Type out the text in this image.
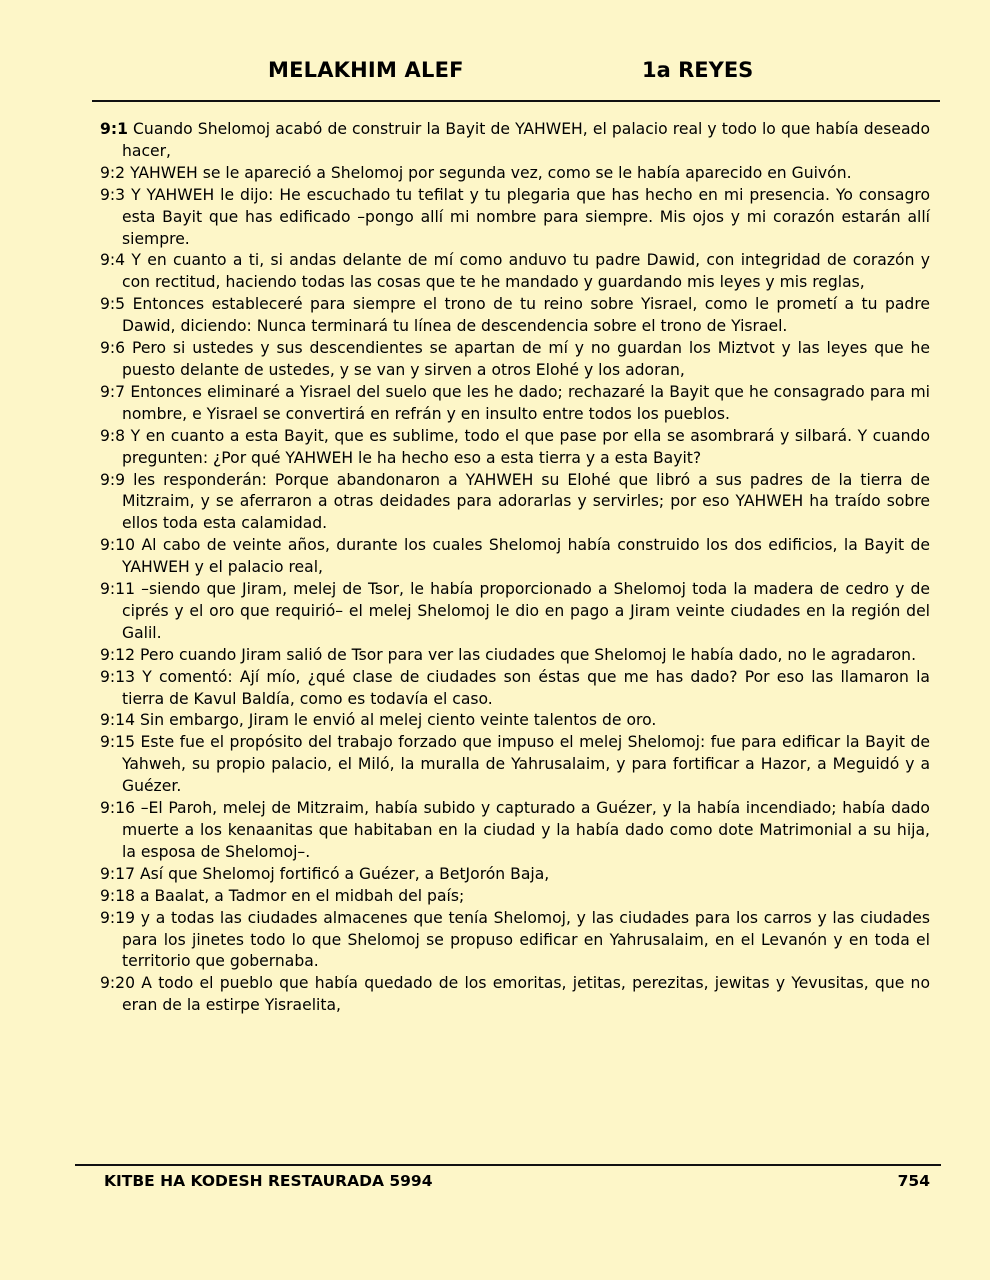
MELAKHIM ALEF	1a REYES

9:1 Cuando Shelomoj acabó de construir la Bayit de YAHWEH, el palacio real y todo lo que había deseado hacer,

9:2 YAHWEH se le apareció a Shelomoj por segunda vez, como se le había aparecido en Guivón.

9:3 Y YAHWEH le dijo: He escuchado tu tefilat y tu plegaria que has hecho en mi presencia. Yo consagro esta Bayit que has edificado –pongo allí mi nombre para siempre. Mis ojos y mi corazón estarán allí siempre.

9:4 Y en cuanto a ti, si andas delante de mí como anduvo tu padre Dawid, con integridad de corazón y con rectitud, haciendo todas las cosas que te he mandado y guardando mis leyes y mis reglas,

9:5 Entonces estableceré para siempre el trono de tu reino sobre Yisrael, como le prometí a tu padre Dawid, diciendo: Nunca terminará tu línea de descendencia sobre el trono de Yisrael.

9:6 Pero si ustedes y sus descendientes se apartan de mí y no guardan los Miztvot y las leyes que he puesto delante de ustedes, y se van y sirven a otros Elohé y los adoran,

9:7 Entonces eliminaré a Yisrael del suelo que les he dado; rechazaré la Bayit que he consagrado para mi nombre, e Yisrael se convertirá en refrán y en insulto entre todos los pueblos.

9:8 Y en cuanto a esta Bayit, que es sublime, todo el que pase por ella se asombrará y silbará. Y cuando pregunten: ¿Por qué YAHWEH le ha hecho eso a esta tierra y a esta Bayit?

9:9 les responderán: Porque abandonaron a YAHWEH su Elohé que libró a sus padres de la tierra de Mitzraim, y se aferraron a otras deidades para adorarlas y servirles; por eso YAHWEH ha traído sobre ellos toda esta calamidad.

9:10 Al cabo de veinte años, durante los cuales Shelomoj había construido los dos edificios, la Bayit de YAHWEH y el palacio real,

9:11 –siendo que Jiram, melej de Tsor, le había proporcionado a Shelomoj toda la madera de cedro y de ciprés y el oro que requirió– el melej Shelomoj le dio en pago a Jiram veinte ciudades en la región del Galil.

9:12 Pero cuando Jiram salió de Tsor para ver las ciudades que Shelomoj le había dado, no le agradaron.

9:13 Y comentó: Ají mío, ¿qué clase de ciudades son éstas que me has dado? Por eso las llamaron la tierra de Kavul Baldía, como es todavía el caso.

9:14 Sin embargo, Jiram le envió al melej ciento veinte talentos de oro.

9:15 Este fue el propósito del trabajo forzado que impuso el melej Shelomoj: fue para edificar la Bayit de Yahweh, su propio palacio, el Miló, la muralla de Yahrusalaim, y para fortificar a Hazor, a Meguidó y a Guézer.

9:16 –El Paroh, melej de Mitzraim, había subido y capturado a Guézer, y la había incendiado; había dado muerte a los kenaanitas que habitaban en la ciudad y la había dado como dote Matrimonial a su hija, la esposa de Shelomoj–.

9:17 Así que Shelomoj fortificó a Guézer, a BetJorón Baja,

9:18 a Baalat, a Tadmor en el midbah del país;

9:19 y a todas las ciudades almacenes que tenía Shelomoj, y las ciudades para los carros y las ciudades para los jinetes todo lo que Shelomoj se propuso edificar en Yahrusalaim, en el Levanón y en toda el territorio que gobernaba.

9:20 A todo el pueblo que había quedado de los emoritas, jetitas, perezitas, jewitas y Yevusitas, que no eran de la estirpe Yisraelita,

KITBE HA KODESH RESTAURADA 5994	754
